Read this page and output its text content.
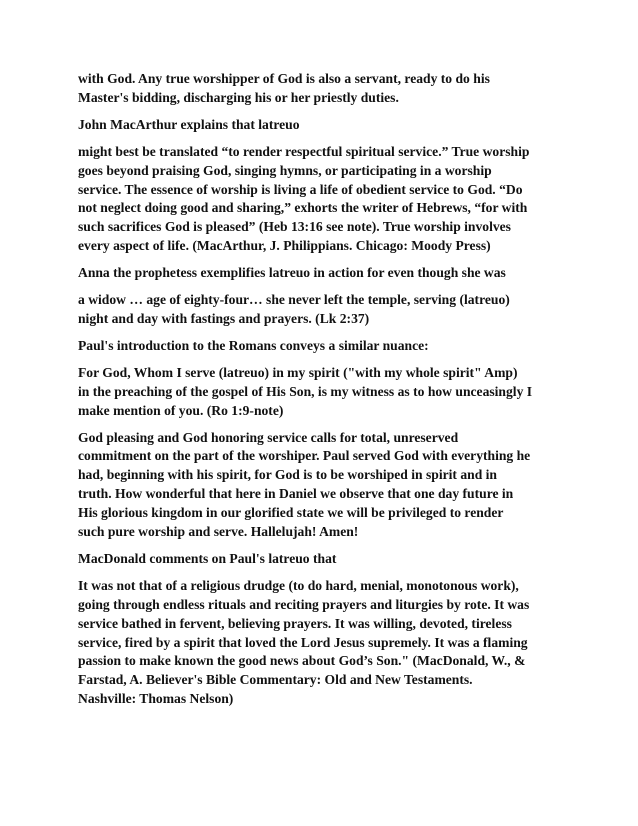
with God. Any true worshipper of God is also a servant, ready to do his
Master's bidding, discharging his or her priestly duties.
John MacArthur explains that latreuo
might best be translated “to render respectful spiritual service.” True worship
goes beyond praising God, singing hymns, or participating in a worship
service. The essence of worship is living a life of obedient service to God. “Do
not neglect doing good and sharing,” exhorts the writer of Hebrews, “for with
such sacrifices God is pleased” (Heb 13:16 see note). True worship involves
every aspect of life. (MacArthur, J. Philippians. Chicago: Moody Press)
Anna the prophetess exemplifies latreuo in action for even though she was
a widow … age of eighty-four… she never left the temple, serving (latreuo)
night and day with fastings and prayers. (Lk 2:37)
Paul's introduction to the Romans conveys a similar nuance:
For God, Whom I serve (latreuo) in my spirit ("with my whole spirit" Amp)
in the preaching of the gospel of His Son, is my witness as to how unceasingly I
make mention of you. (Ro 1:9-note)
God pleasing and God honoring service calls for total, unreserved
commitment on the part of the worshiper. Paul served God with everything he
had, beginning with his spirit, for God is to be worshiped in spirit and in
truth. How wonderful that here in Daniel we observe that one day future in
His glorious kingdom in our glorified state we will be privileged to render
such pure worship and serve. Hallelujah! Amen!
MacDonald comments on Paul's latreuo that
It was not that of a religious drudge (to do hard, menial, monotonous work),
going through endless rituals and reciting prayers and liturgies by rote. It was
service bathed in fervent, believing prayers. It was willing, devoted, tireless
service, fired by a spirit that loved the Lord Jesus supremely. It was a flaming
passion to make known the good news about God’s Son." (MacDonald, W., &
Farstad, A. Believer's Bible Commentary: Old and New Testaments.
Nashville: Thomas Nelson)
